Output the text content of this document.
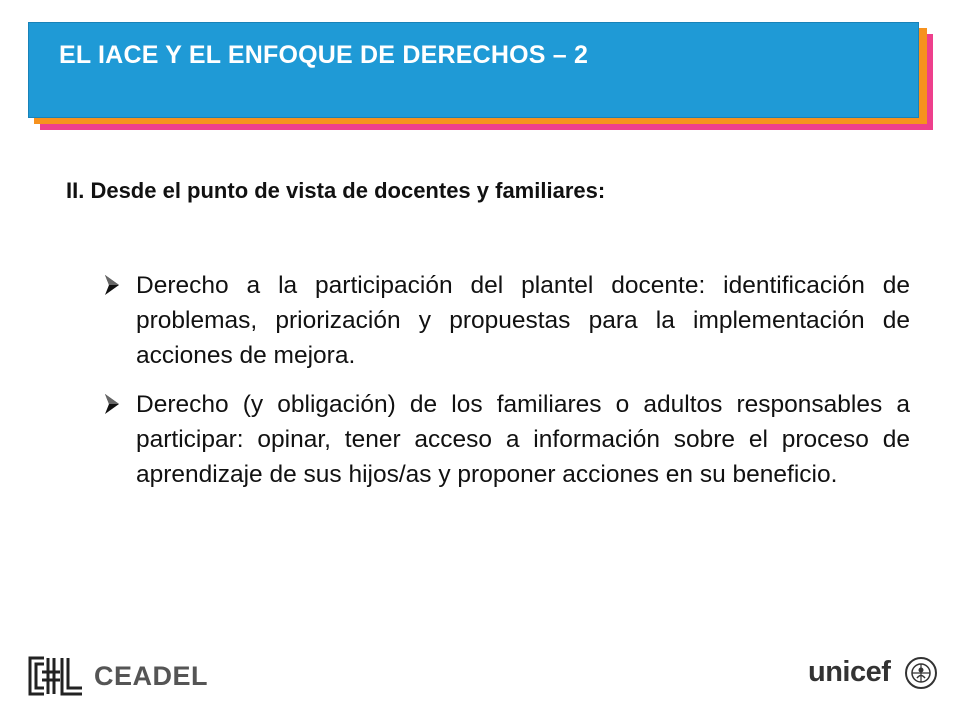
EL IACE Y EL ENFOQUE DE DERECHOS – 2
II. Desde el punto de vista de docentes y familiares:
Derecho a la participación del plantel docente: identificación de problemas, priorización y propuestas para la implementación de acciones de mejora.
Derecho (y obligación) de los familiares o adultos responsables a participar: opinar, tener acceso a información sobre el proceso de aprendizaje de sus hijos/as y proponer acciones en su beneficio.
CEADEL	unicef
